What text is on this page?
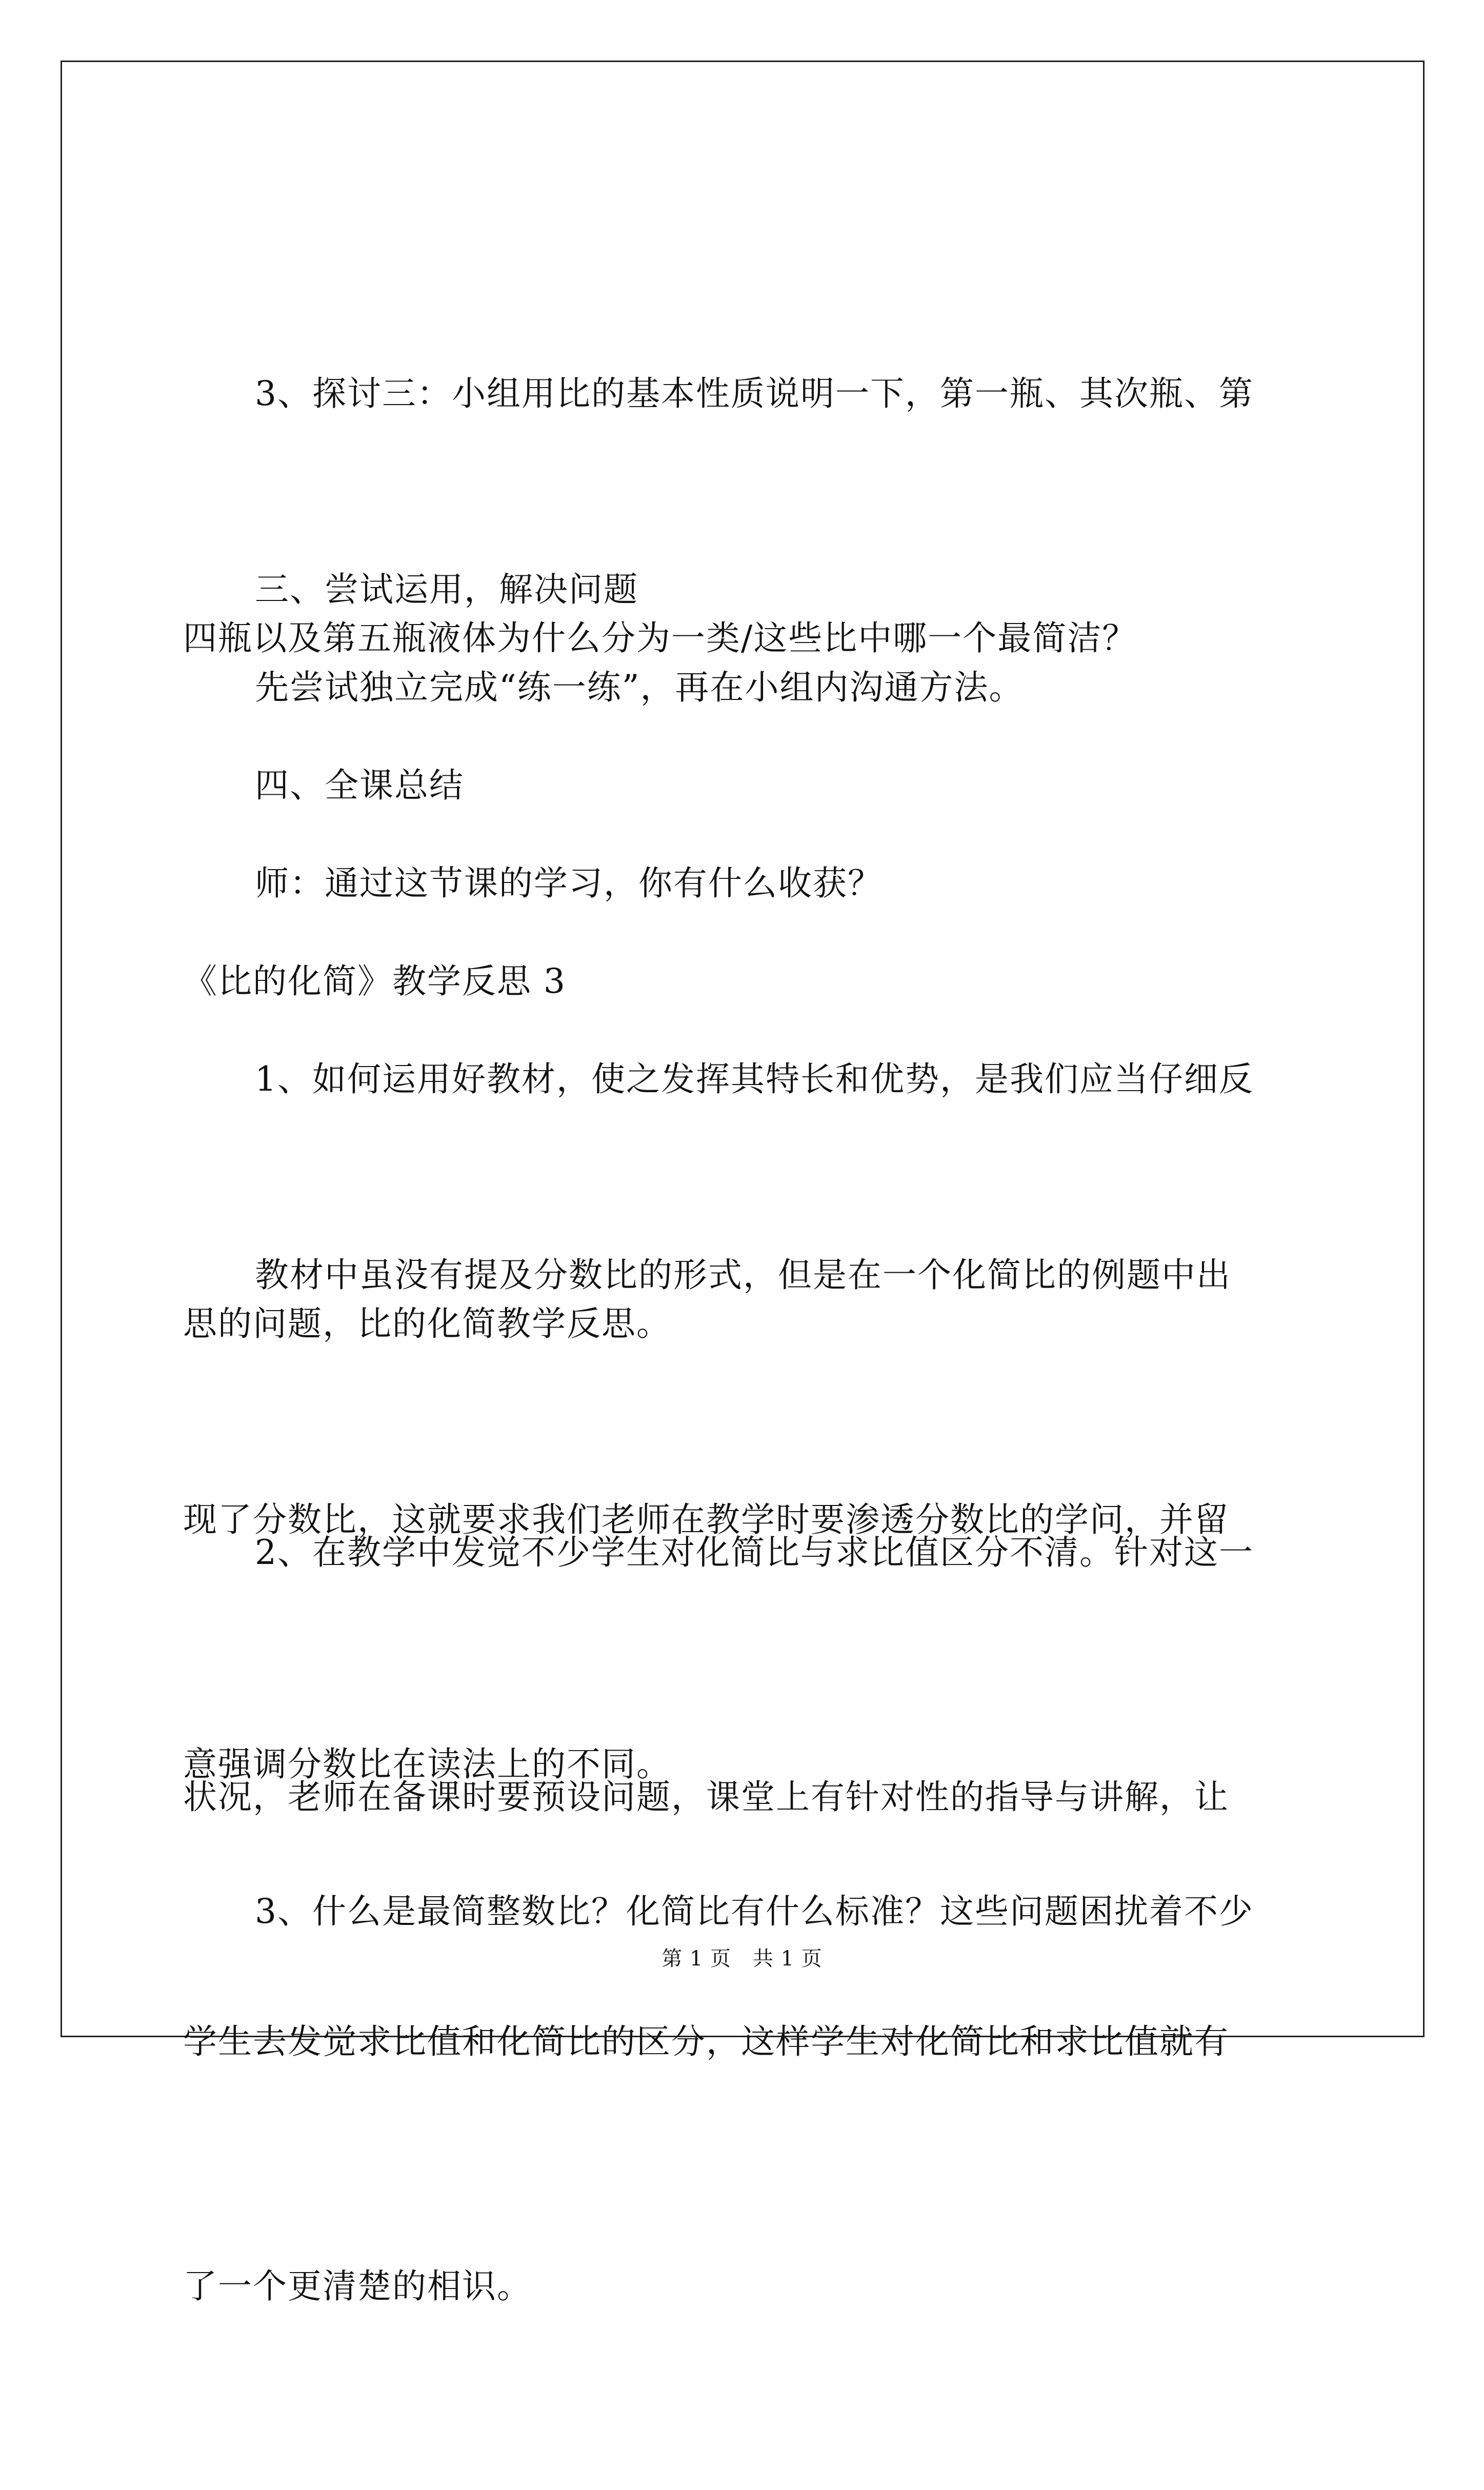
3、探讨三：小组用比的基本性质说明一下，第一瓶、其次瓶、第

四瓶以及第五瓶液体为什么分为一类/这些比中哪一个最简洁？

三、尝试运用，解决问题

先尝试独立完成“练一练”，再在小组内沟通方法。

四、全课总结

师：通过这节课的学习，你有什么收获？

《比的化简》教学反思 3

1、如何运用好教材，使之发挥其特长和优势，是我们应当仔细反

思的问题，比的化简教学反思。

教材中虽没有提及分数比的形式，但是在一个化简比的例题中出

现了分数比，这就要求我们老师在教学时要渗透分数比的学问，并留

意强调分数比在读法上的不同。

2、在教学中发觉不少学生对化简比与求比值区分不清。针对这一

状况，老师在备课时要预设问题，课堂上有针对性的指导与讲解，让

学生去发觉求比值和化简比的区分，这样学生对化简比和求比值就有

了一个更清楚的相识。

3、什么是最简整数比？化简比有什么标准？这些问题困扰着不少

第 1 页 共 1 页
